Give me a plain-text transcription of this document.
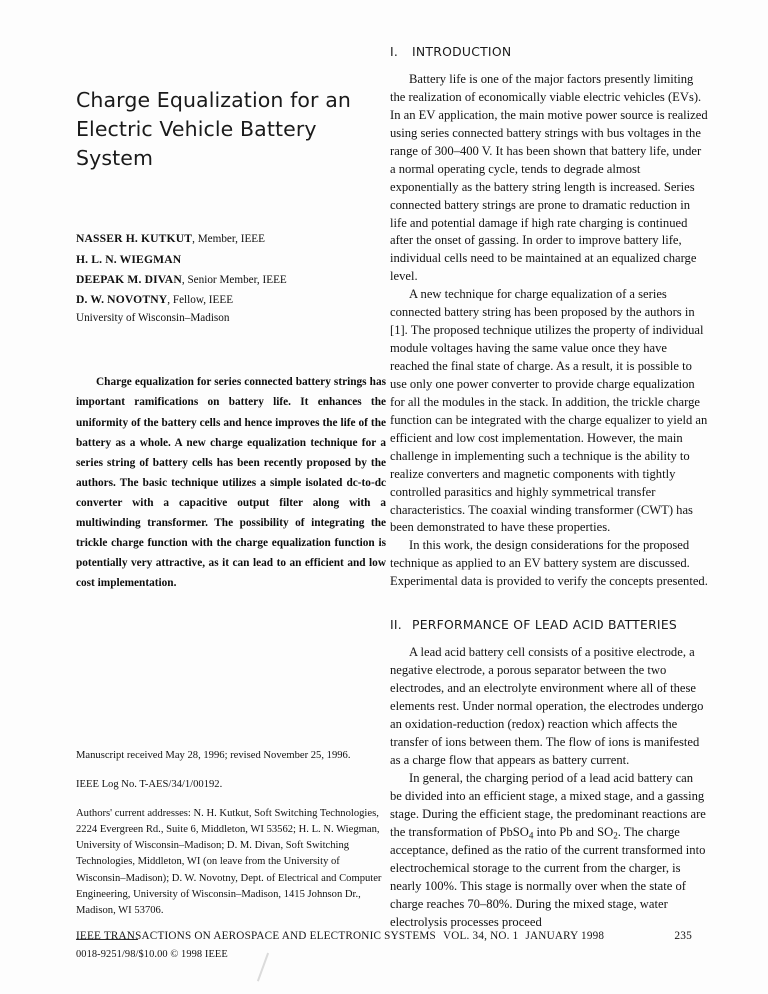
Charge Equalization for an
Electric Vehicle Battery System
NASSER H. KUTKUT, Member, IEEE
H. L. N. WIEGMAN
DEEPAK M. DIVAN, Senior Member, IEEE
D. W. NOVOTNY, Fellow, IEEE
University of Wisconsin–Madison

Charge equalization for series connected battery strings has important ramifications on battery life. It enhances the uniformity of the battery cells and hence improves the life of the battery as a whole. A new charge equalization technique for a series string of battery cells has been recently proposed by the authors. The basic technique utilizes a simple isolated dc-to-dc converter with a capacitive output filter along with a multiwinding transformer. The possibility of integrating the trickle charge function with the charge equalization function is potentially very attractive, as it can lead to an efficient and low cost implementation.

Manuscript received May 28, 1996; revised November 25, 1996.
IEEE Log No. T-AES/34/1/00192.
Authors' current addresses: N. H. Kutkut, Soft Switching Technologies, 2224 Evergreen Rd., Suite 6, Middleton, WI 53562; H. L. N. Wiegman, University of Wisconsin–Madison; D. M. Divan, Soft Switching Technologies, Middleton, WI (on leave from the University of Wisconsin–Madison); D. W. Novotny, Dept. of Electrical and Computer Engineering, University of Wisconsin–Madison, 1415 Johnson Dr., Madison, WI 53706.
0018-9251/98/$10.00 © 1998 IEEE
I. INTRODUCTION

Battery life is one of the major factors presently limiting the realization of economically viable electric vehicles (EVs). In an EV application, the main motive power source is realized using series connected battery strings with bus voltages in the range of 300–400 V. It has been shown that battery life, under a normal operating cycle, tends to degrade almost exponentially as the battery string length is increased. Series connected battery strings are prone to dramatic reduction in life and potential damage if high rate charging is continued after the onset of gassing. In order to improve battery life, individual cells need to be maintained at an equalized charge level.

A new technique for charge equalization of a series connected battery string has been proposed by the authors in [1]. The proposed technique utilizes the property of individual module voltages having the same value once they have reached the final state of charge. As a result, it is possible to use only one power converter to provide charge equalization for all the modules in the stack. In addition, the trickle charge function can be integrated with the charge equalizer to yield an efficient and low cost implementation. However, the main challenge in implementing such a technique is the ability to realize converters and magnetic components with tightly controlled parasitics and highly symmetrical transfer characteristics. The coaxial winding transformer (CWT) has been demonstrated to have these properties.

In this work, the design considerations for the proposed technique as applied to an EV battery system are discussed. Experimental data is provided to verify the concepts presented.

II. PERFORMANCE OF LEAD ACID BATTERIES

A lead acid battery cell consists of a positive electrode, a negative electrode, a porous separator between the two electrodes, and an electrolyte environment where all of these elements rest. Under normal operation, the electrodes undergo an oxidation-reduction (redox) reaction which affects the transfer of ions between them. The flow of ions is manifested as a charge flow that appears as battery current.

In general, the charging period of a lead acid battery can be divided into an efficient stage, a mixed stage, and a gassing stage. During the efficient stage, the predominant reactions are the transformation of PbSO$_4$ into Pb and $SO_2$. The charge acceptance, defined as the ratio of the current transformed into electrochemical storage to the current from the charger, is nearly 100%. This stage is normally over when the state of charge reaches 70–80%. During the mixed stage, water electrolysis processes proceed

IEEE TRANSACTIONS ON AEROSPACE AND ELECTRONIC SYSTEMS VOL. 34, NO. 1 JANUARY 1998	235
